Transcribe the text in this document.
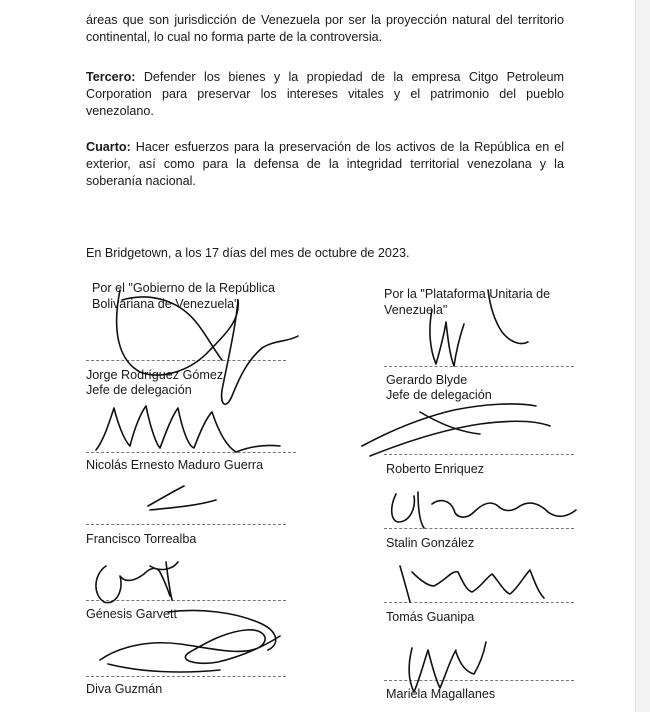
áreas que son jurisdicción de Venezuela por ser la proyección natural del territorio continental, lo cual no forma parte de la controversia.

Tercero: Defender los bienes y la propiedad de la empresa Citgo Petroleum Corporation para preservar los intereses vitales y el patrimonio del pueblo venezolano.

Cuarto: Hacer esfuerzos para la preservación de los activos de la República en el exterior, así como para la defensa de la integridad territorial venezolana y la soberanía nacional.

En Bridgetown, a los 17 días del mes de octubre de 2023.

Por el "Gobierno de la República Bolivariana de Venezuela"

Por la "Plataforma Unitaria de Venezuela"

Jorge Rodríguez Gómez

Jefe de delegación

Nicolás Ernesto Maduro Guerra

Francisco Torrealba

Génesis Garvett

Diva Guzmán

Gerardo Blyde

Jefe de delegación

Roberto Enriquez

Stalin González

Tomás Guanipa

Mariela Magallanes
